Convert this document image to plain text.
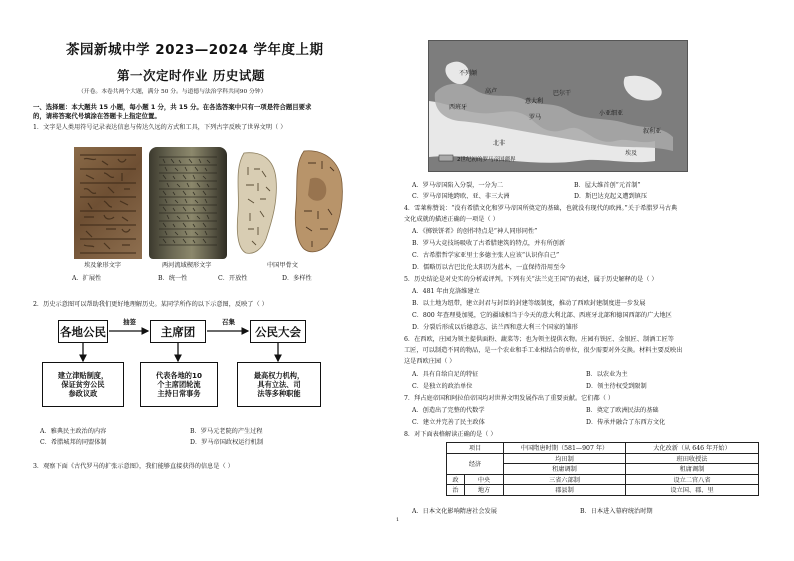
茶园新城中学 2023—2024 学年度上期
第一次定时作业 历史试题
（开卷。本卷共两个大题，满分 50 分。与道德与法治学科共同90 分钟）
一、选择题：本大题共 15 小题，每小题 1 分，共 15 分。在各选答案中只有一项是符合题目要求
的，请将答案代号填涂在答题卡上指定位置。
1．文字是人类用符号记录表达信息与传达久远的方式和工具，下列古字反映了世界文明（ ）
埃及象形文字	两河流域楔形文字	中国甲骨文
A．扩展性	B．统一性	C．开放性	D．多样性
2．历史示意图可以帮助我们更好地理解历史。某同学所作的以下示意图，反映了（ ）
各地公民	主席团	公民大会
抽签	召集
建立津贴制度，
保证贫穷公民
参政议政
代表各地的10
个主席团轮流
主持日常事务
最高权力机构，
具有立法、司
法等多种职能
A．雅典民主政治的内容	B．罗马元老院的产生过程
C．希腊城邦的同盟体制	D．罗马帝国政权运行机制
3．观察下面《古代罗马的扩张示意图》，我们能够直接获得的信息是（ ）
不列颠
高卢
西班牙
意大利
罗马
巴尔干
小亚细亚
叙利亚
埃及
北非
2世纪初的罗马帝国疆界
A．罗马帝国陷入分裂，一分为二	B．屋大维首创“元首制”
C．罗马帝国地跨欧、亚、非三大洲	D．斯巴达克起义遭到镇压
4．雪莱称赞说：“没有希腊文化和罗马帝国所奠定的基础，也就没有现代的欧洲。”关于希腊罗马古典
文化成就的描述正确的一项是（ ）
A．《掷铁饼者》的创作特点是“神人同形同性”
B．罗马大竞技场吸收了古希腊建筑的特点，并有所创新
C．古希腊哲学家亚里士多德主张人应该“认识你自己”
D．儒略历以古巴比伦太阳历为蓝本，一直保持沿用至今
5．历史结论是对史实的分析或评判。下列有关“法兰克王国”的表述，属于历史解释的是（ ）
A．481 年由克洛维建立
B．以土地为纽带，建立封君与封臣的封建等级制度，推动了西欧封建制度进一步发展
C．800 年查理曼加冕，它的疆域相当于今天的意大利北部、西班牙北部和德国西部的广大地区
D．分裂后形成以后德意志、法兰西和意大利三个国家的雏形
6．在西欧，庄园为领主提供面粉、蔬菜等；也为领主提供衣物。庄园有铁匠、金银匠、制酒工匠等
工匠，可以制造不同的物品，是一个农业和手工业相结合的单位，很少需要对外交换。材料主要反映出
这是西欧庄园（ ）
A．具有自给自足的特征	B．以农业为主
C．是独立的政治单位	D．领主待权受到限制
7．拜占庭帝国和阿拉伯帝国均对世界文明发展作出了重要贡献。它们都（ ）
A．创造出了完整的代数学	B．奠定了欧洲民法的基础
C．建立并完善了民主政体	D．传承并融合了东西方文化
8．对下面表格解读正确的是（ ）
项目		中国隋唐时期（581—907 年）	大化改新（从 646 年开始）
经济		均田制	班田收授法
		租庸调制	租庸调制
政	中央	三省六部制	设立二官八省
治	地方	郡县制	设立国、郡、里
A．日本文化影响隋唐社会发展	B．日本进入幕府统治时期
1
